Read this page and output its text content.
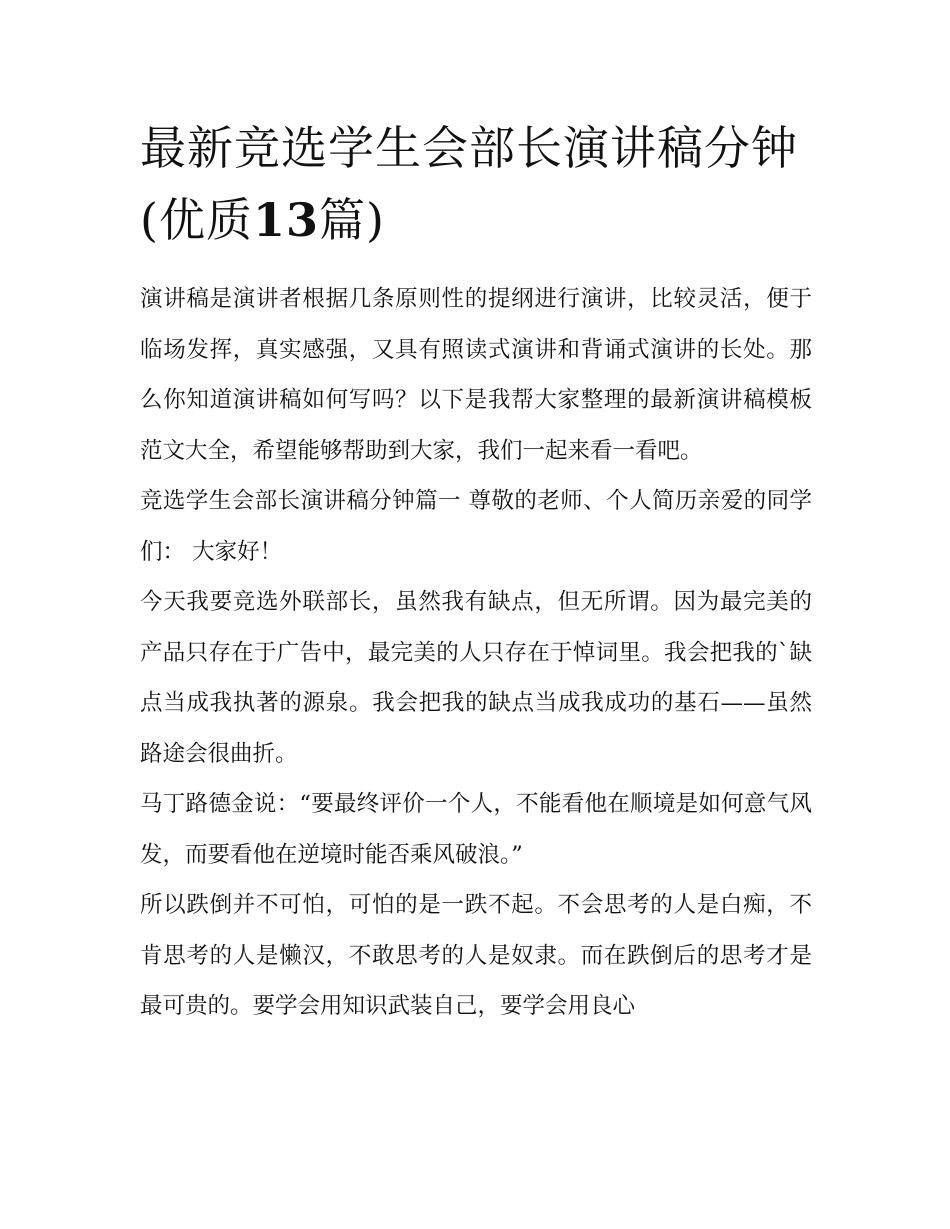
最新竞选学生会部长演讲稿分钟(优质13篇)

演讲稿是演讲者根据几条原则性的提纲进行演讲，比较灵活，便于临场发挥，真实感强，又具有照读式演讲和背诵式演讲的长处。那么你知道演讲稿如何写吗？以下是我帮大家整理的最新演讲稿模板范文大全，希望能够帮助到大家，我们一起来看一看吧。

竞选学生会部长演讲稿分钟篇一 尊敬的老师、个人简历亲爱的同学们： 大家好！

今天我要竞选外联部长，虽然我有缺点，但无所谓。因为最完美的产品只存在于广告中，最完美的人只存在于悼词里。我会把我的`缺点当成我执著的源泉。我会把我的缺点当成我成功的基石——虽然路途会很曲折。

马丁路德金说：“要最终评价一个人，不能看他在顺境是如何意气风发，而要看他在逆境时能否乘风破浪。”

所以跌倒并不可怕，可怕的是一跌不起。不会思考的人是白痴，不肯思考的人是懒汉，不敢思考的人是奴隶。而在跌倒后的思考才是最可贵的。要学会用知识武装自己，要学会用良心
